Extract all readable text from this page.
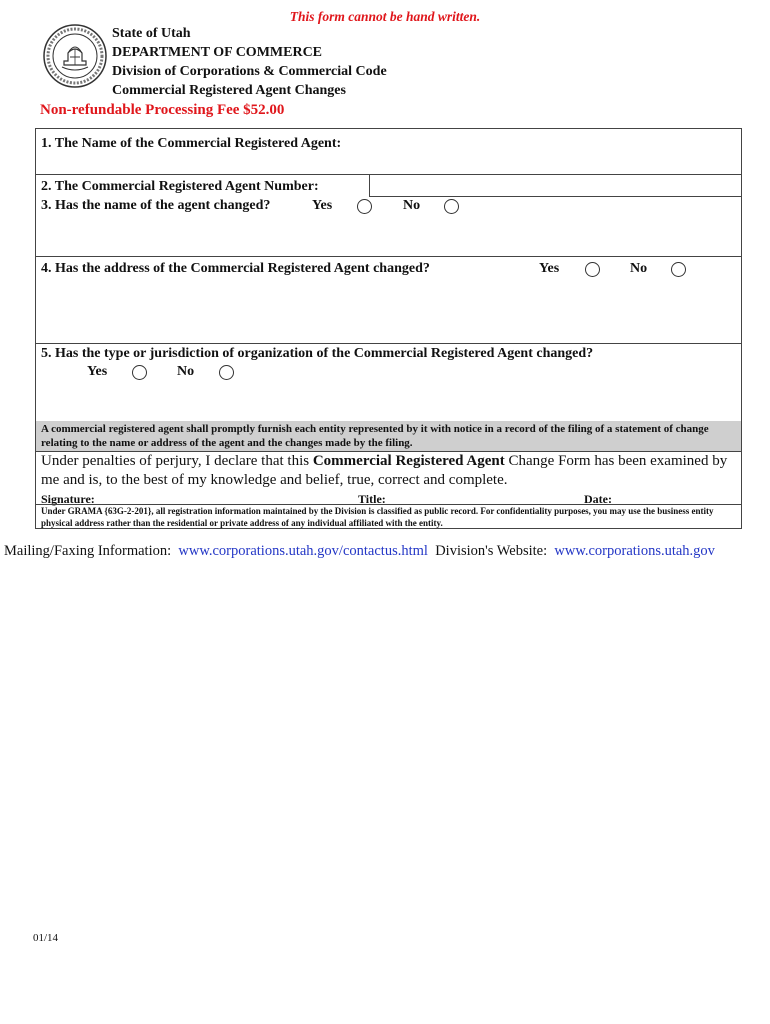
This form cannot be hand written.
State of Utah
DEPARTMENT OF COMMERCE
Division of Corporations & Commercial Code
Commercial Registered Agent Changes
Non-refundable Processing Fee $52.00
1. The Name of the Commercial Registered Agent:
2. The Commercial Registered Agent Number:
3. Has the name of the agent changed?	Yes	No
4. Has the address of the Commercial Registered Agent changed?	Yes	No
5. Has the type or jurisdiction of organization of the Commercial Registered Agent changed?
Yes	No
A commercial registered agent shall promptly furnish each entity represented by it with notice in a record of the filing of a statement of change relating to the name or address of the agent and the changes made by the filing.
Under penalties of perjury, I declare that this Commercial Registered Agent Change Form has been examined by me and is, to the best of my knowledge and belief, true, correct and complete.
Signature:	Title:	Date:
Under GRAMA {63G-2-201}, all registration information maintained by the Division is classified as public record. For confidentiality purposes, you may use the business entity physical address rather than the residential or private address of any individual affiliated with the entity.
Mailing/Faxing Information: www.corporations.utah.gov/contactus.html Division's Website: www.corporations.utah.gov
01/14
